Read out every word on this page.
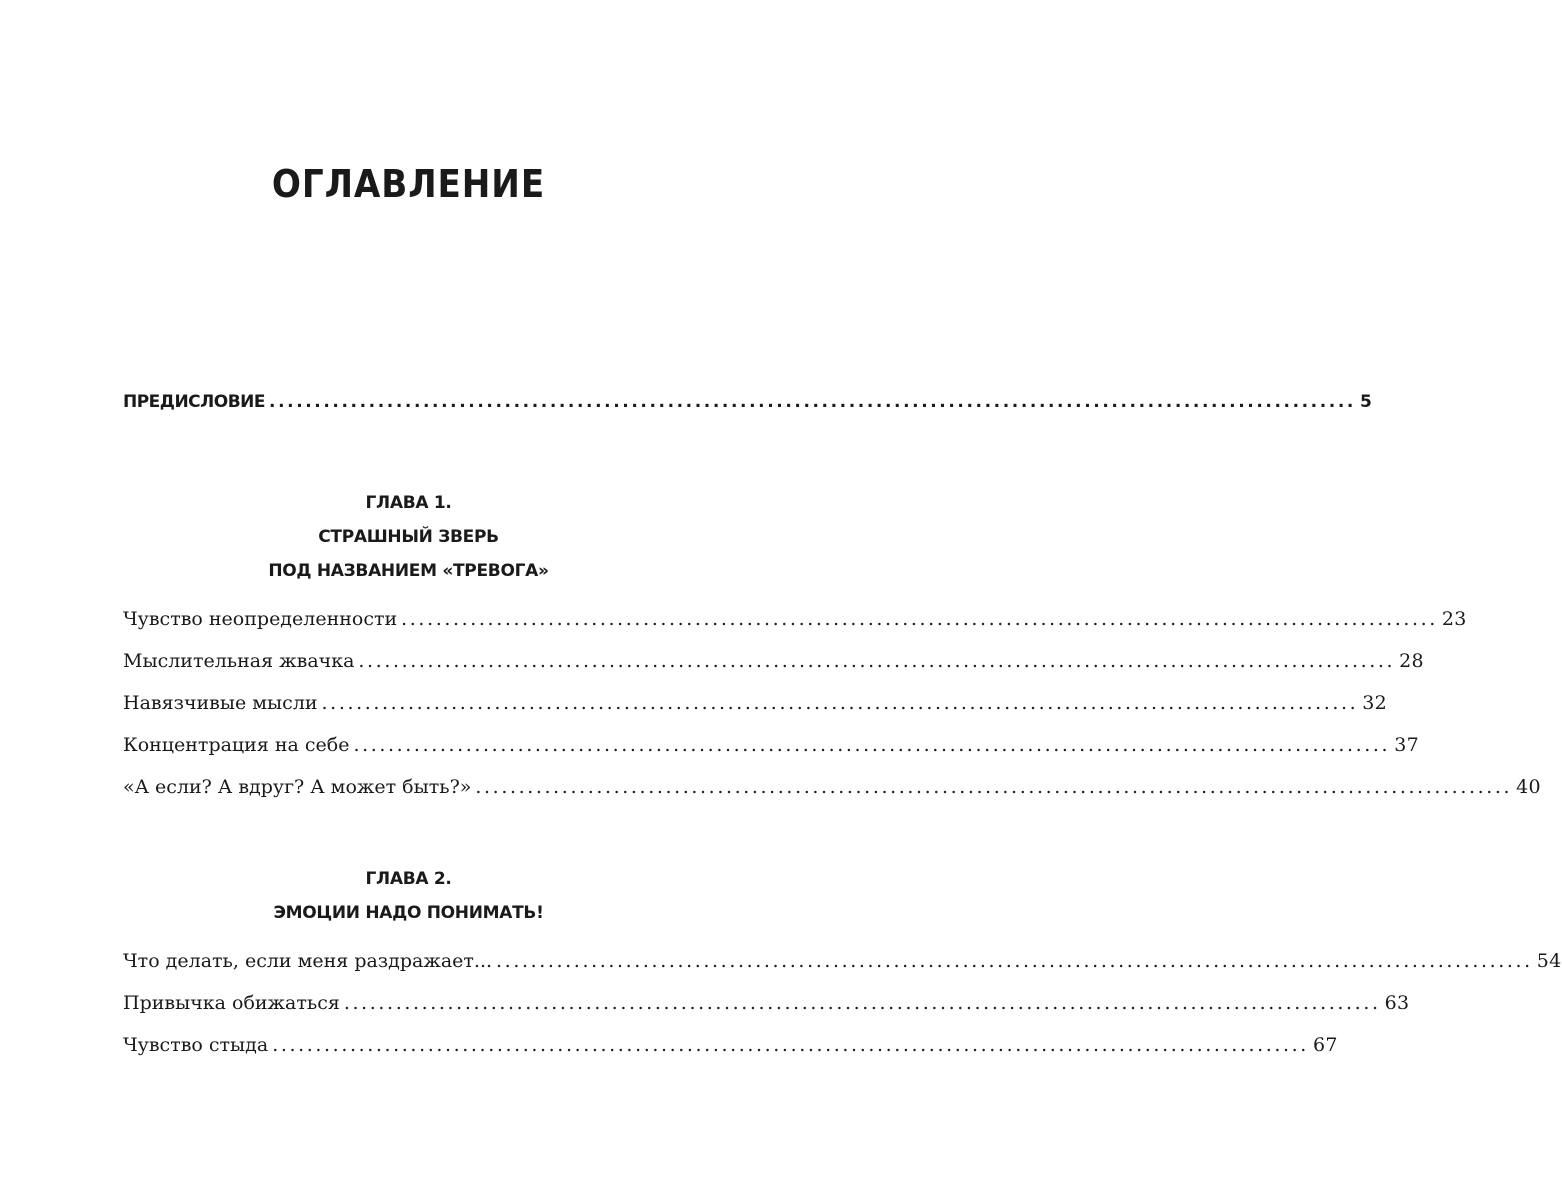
ОГЛАВЛЕНИЕ
ПРЕДИСЛОВИЕ ........................................................................................................................ 5
ГЛАВА 1.
СТРАШНЫЙ ЗВЕРЬ
ПОД НАЗВАНИЕМ «ТРЕВОГА»
Чувство неопределенности ........................................................................................................................ 23
Мыслительная жвачка ........................................................................................................................ 28
Навязчивые мысли ........................................................................................................................ 32
Концентрация на себе ........................................................................................................................ 37
«А если? А вдруг? А может быть?» ........................................................................................................................ 40
ГЛАВА 2.
ЭМОЦИИ НАДО ПОНИМАТЬ!
Что делать, если меня раздражает... ........................................................................................................................ 54
Привычка обижаться ........................................................................................................................ 63
Чувство стыда ........................................................................................................................ 67
